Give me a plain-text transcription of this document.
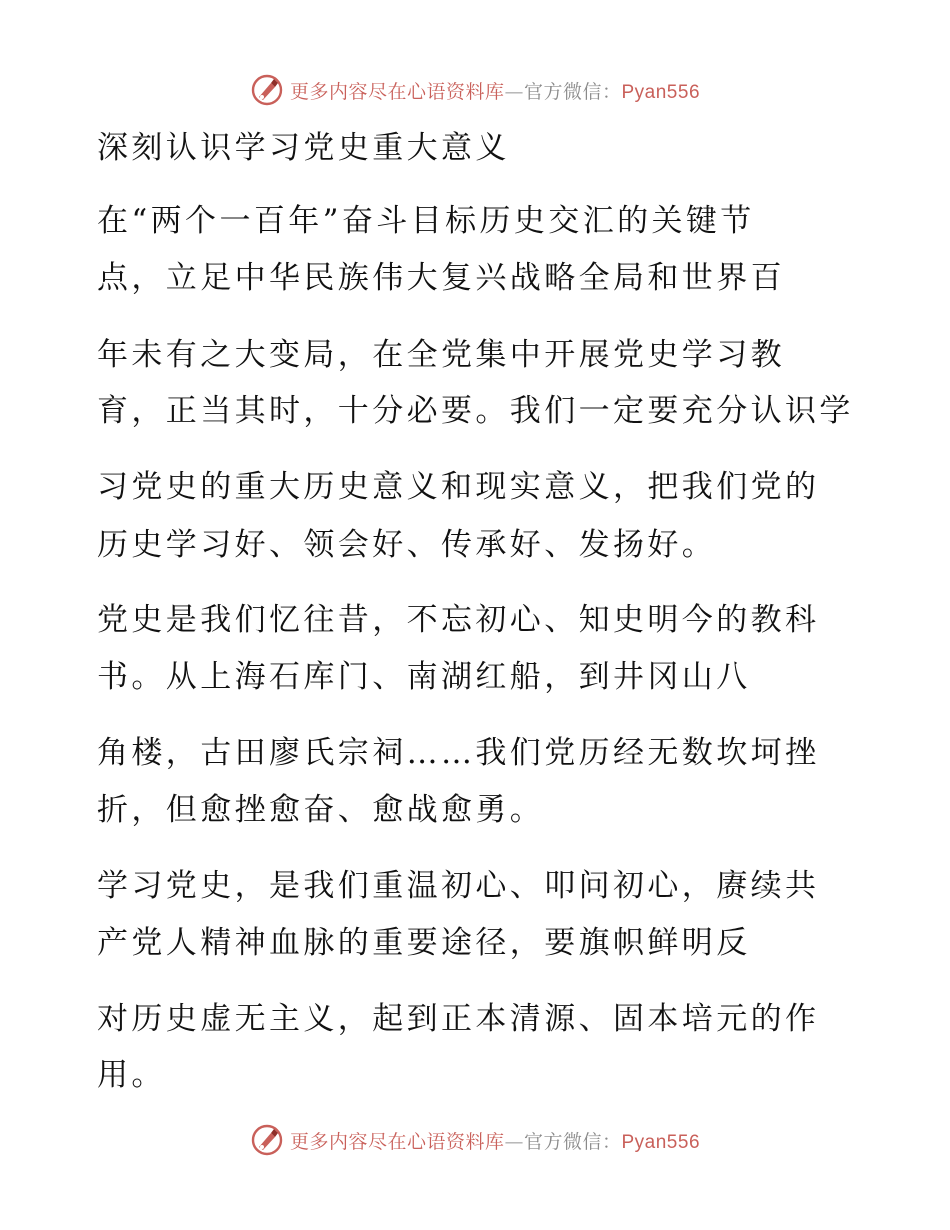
更多内容尽在心语资料库—官方微信：Pyan556
深刻认识学习党史重大意义
在“两个一百年”奋斗目标历史交汇的关键节
点，立足中华民族伟大复兴战略全局和世界百
年未有之大变局，在全党集中开展党史学习教
育，正当其时，十分必要。我们一定要充分认识学
习党史的重大历史意义和现实意义，把我们党的
历史学习好、领会好、传承好、发扬好。
党史是我们忆往昔，不忘初心、知史明今的教科
书。从上海石库门、南湖红船，到井冈山八
角楼，古田廖氏宗祠……我们党历经无数坎坷挫
折，但愈挫愈奋、愈战愈勇。
学习党史，是我们重温初心、叩问初心，赓续共
产党人精神血脉的重要途径，要旗帜鲜明反
对历史虚无主义，起到正本清源、固本培元的作
用。
更多内容尽在心语资料库—官方微信：Pyan556
